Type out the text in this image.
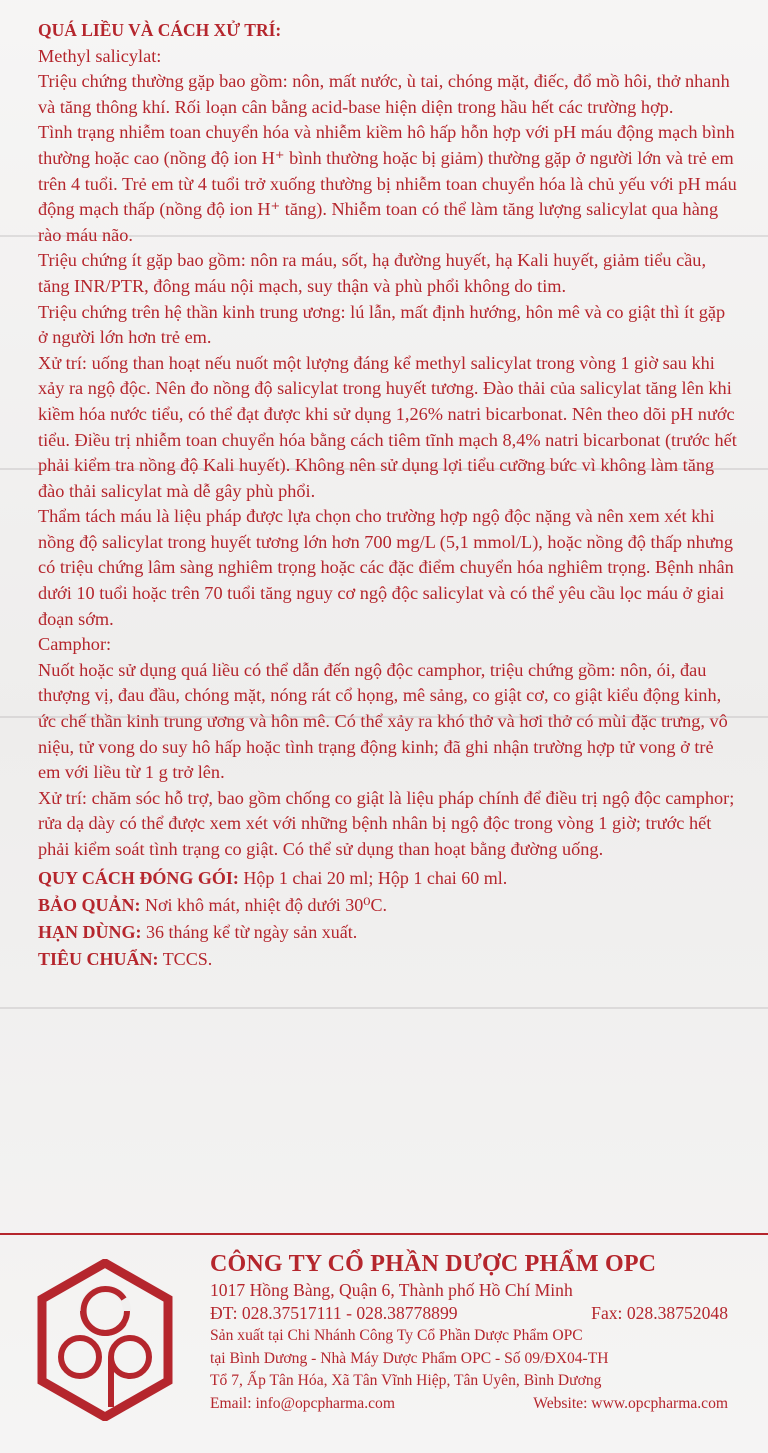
QUÁ LIỀU VÀ CÁCH XỬ TRÍ:

Methyl salicylat:

Triệu chứng thường gặp bao gồm: nôn, mất nước, ù tai, chóng mặt, điếc, đổ mồ hôi, thở nhanh và tăng thông khí. Rối loạn cân bằng acid-base hiện diện trong hầu hết các trường hợp.

Tình trạng nhiễm toan chuyển hóa và nhiễm kiềm hô hấp hỗn hợp với pH máu động mạch bình thường hoặc cao (nồng độ ion H⁺ bình thường hoặc bị giảm) thường gặp ở người lớn và trẻ em trên 4 tuổi. Trẻ em từ 4 tuổi trở xuống thường bị nhiễm toan chuyển hóa là chủ yếu với pH máu động mạch thấp (nồng độ ion H⁺ tăng). Nhiễm toan có thể làm tăng lượng salicylat qua hàng rào máu não.

Triệu chứng ít gặp bao gồm: nôn ra máu, sốt, hạ đường huyết, hạ Kali huyết, giảm tiểu cầu, tăng INR/PTR, đông máu nội mạch, suy thận và phù phổi không do tim.

Triệu chứng trên hệ thần kinh trung ương: lú lẫn, mất định hướng, hôn mê và co giật thì ít gặp ở người lớn hơn trẻ em.

Xử trí: uống than hoạt nếu nuốt một lượng đáng kể methyl salicylat trong vòng 1 giờ sau khi xảy ra ngộ độc. Nên đo nồng độ salicylat trong huyết tương. Đào thải của salicylat tăng lên khi kiềm hóa nước tiểu, có thể đạt được khi sử dụng 1,26% natri bicarbonat. Nên theo dõi pH nước tiểu. Điều trị nhiễm toan chuyển hóa bằng cách tiêm tĩnh mạch 8,4% natri bicarbonat (trước hết phải kiểm tra nồng độ Kali huyết). Không nên sử dụng lợi tiểu cưỡng bức vì không làm tăng đào thải salicylat mà dễ gây phù phổi.

Thẩm tách máu là liệu pháp được lựa chọn cho trường hợp ngộ độc nặng và nên xem xét khi nồng độ salicylat trong huyết tương lớn hơn 700 mg/L (5,1 mmol/L), hoặc nồng độ thấp nhưng có triệu chứng lâm sàng nghiêm trọng hoặc các đặc điểm chuyển hóa nghiêm trọng. Bệnh nhân dưới 10 tuổi hoặc trên 70 tuổi tăng nguy cơ ngộ độc salicylat và có thể yêu cầu lọc máu ở giai đoạn sớm.

Camphor:

Nuốt hoặc sử dụng quá liều có thể dẫn đến ngộ độc camphor, triệu chứng gồm: nôn, ói, đau thượng vị, đau đầu, chóng mặt, nóng rát cổ họng, mê sảng, co giật cơ, co giật kiểu động kinh, ức chế thần kinh trung ương và hôn mê. Có thể xảy ra khó thở và hơi thở có mùi đặc trưng, vô niệu, tử vong do suy hô hấp hoặc tình trạng động kinh; đã ghi nhận trường hợp tử vong ở trẻ em với liều từ 1 g trở lên.

Xử trí: chăm sóc hỗ trợ, bao gồm chống co giật là liệu pháp chính để điều trị ngộ độc camphor; rửa dạ dày có thể được xem xét với những bệnh nhân bị ngộ độc trong vòng 1 giờ; trước hết phải kiểm soát tình trạng co giật. Có thể sử dụng than hoạt bằng đường uống.

QUY CÁCH ĐÓNG GÓI: Hộp 1 chai 20 ml; Hộp 1 chai 60 ml.

BẢO QUẢN: Nơi khô mát, nhiệt độ dưới 30⁰C.

HẠN DÙNG: 36 tháng kể từ ngày sản xuất.

TIÊU CHUẨN: TCCS.

CÔNG TY CỔ PHẦN DƯỢC PHẨM OPC
1017 Hồng Bàng, Quận 6, Thành phố Hồ Chí Minh
ĐT: 028.37517111 - 028.38778899	Fax: 028.38752048
Sản xuất tại Chi Nhánh Công Ty Cổ Phần Dược Phẩm OPC
tại Bình Dương - Nhà Máy Dược Phẩm OPC - Số 09/ĐX04-TH
Tổ 7, Ấp Tân Hóa, Xã Tân Vĩnh Hiệp, Tân Uyên, Bình Dương
Email: info@opcpharma.com	Website: www.opcpharma.com
